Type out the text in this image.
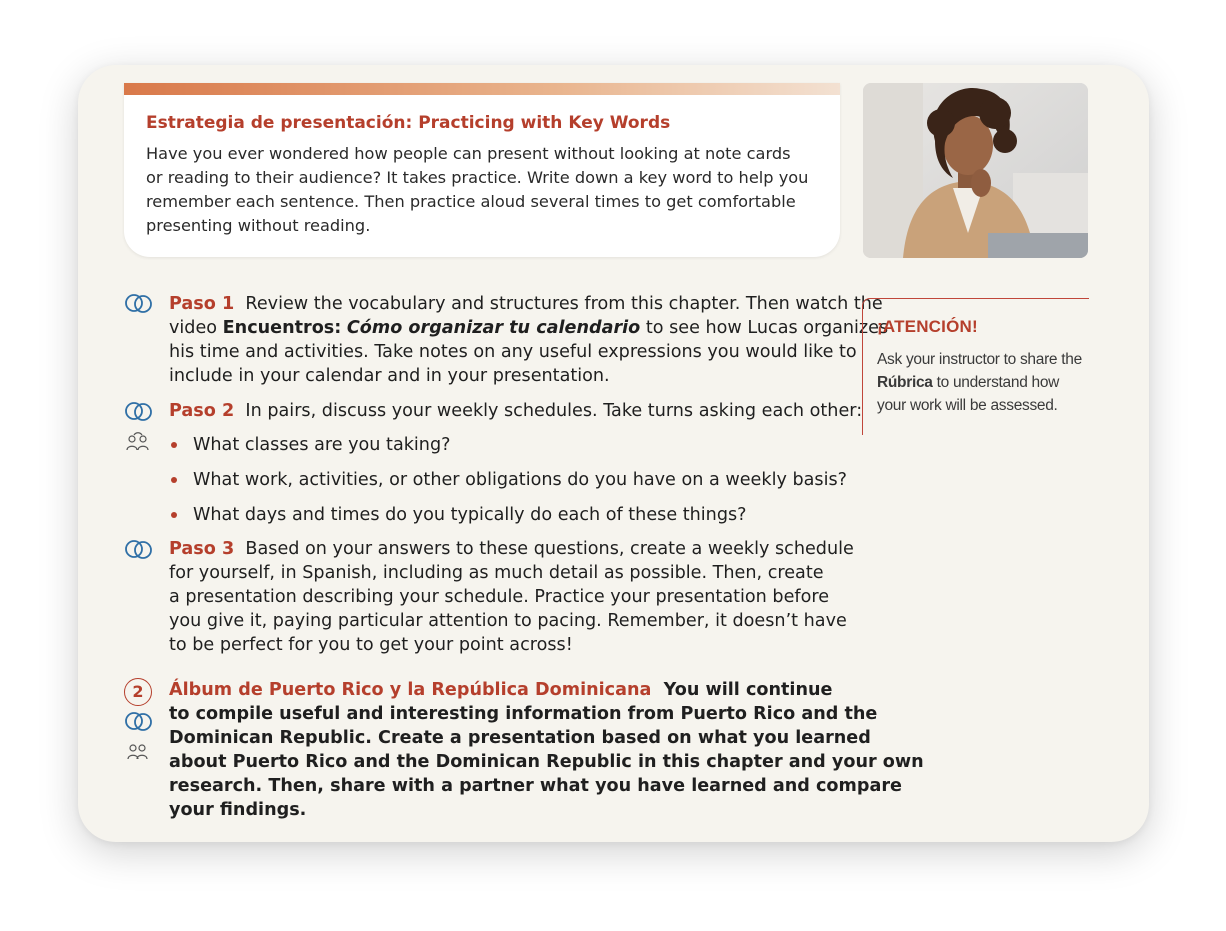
Estrategia de presentación: Practicing with Key Words
Have you ever wondered how people can present without looking at note cards
or reading to their audience? It takes practice. Write down a key word to help you
remember each sentence. Then practice aloud several times to get comfortable
presenting without reading.
Paso 1 Review the vocabulary and structures from this chapter. Then watch the
video Encuentros: Cómo organizar tu calendario to see how Lucas organizes
his time and activities. Take notes on any useful expressions you would like to
include in your calendar and in your presentation.
Paso 2 In pairs, discuss your weekly schedules. Take turns asking each other:
What classes are you taking?
What work, activities, or other obligations do you have on a weekly basis?
What days and times do you typically do each of these things?
Paso 3 Based on your answers to these questions, create a weekly schedule
for yourself, in Spanish, including as much detail as possible. Then, create
a presentation describing your schedule. Practice your presentation before
you give it, paying particular attention to pacing. Remember, it doesn’t have
to be perfect for you to get your point across!
2	Álbum de Puerto Rico y la República Dominicana You will continue
to compile useful and interesting information from Puerto Rico and the
Dominican Republic. Create a presentation based on what you learned
about Puerto Rico and the Dominican Republic in this chapter and your own
research. Then, share with a partner what you have learned and compare
your findings.
¡ATENCIÓN!
Ask your instructor to share the
Rúbrica to understand how
your work will be assessed.
